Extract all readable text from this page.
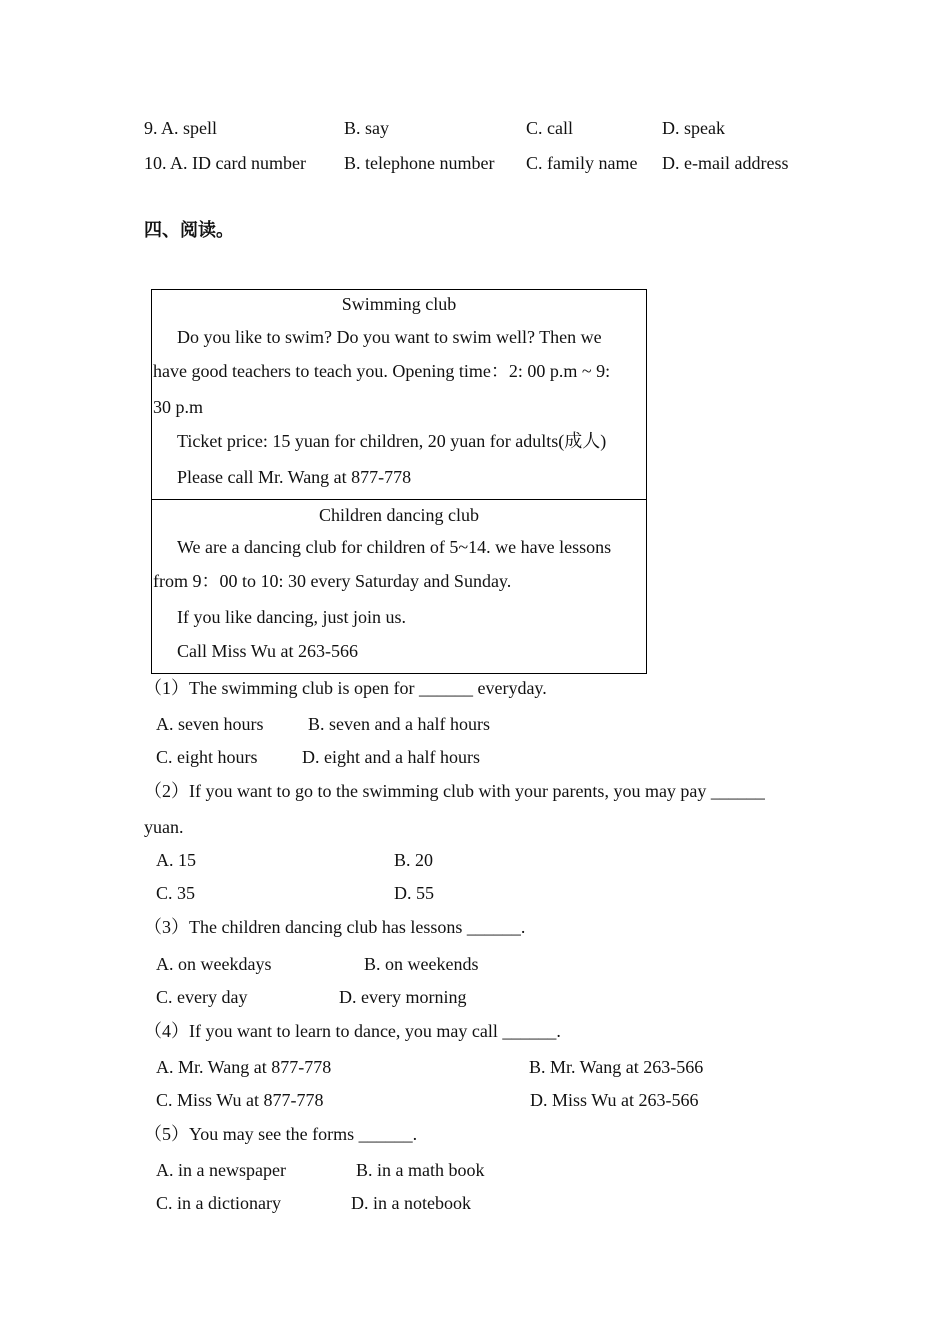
9. A. spell	B. say	C. call	D. speak
10. A. ID card number B. telephone number C. family name D. e-mail address
四、阅读。
Swimming club
Do you like to swim? Do you want to swim well? Then we
have good teachers to teach you. Opening time：2: 00 p.m ~ 9:
30 p.m
Ticket price: 15 yuan for children, 20 yuan for adults(成人)
Please call Mr. Wang at 877-778
Children dancing club
We are a dancing club for children of 5~14. we have lessons
from 9：00 to 10: 30 every Saturday and Sunday.
If you like dancing, just join us.
Call Miss Wu at 263-566
（1）The swimming club is open for ______ everyday.
A. seven hours B. seven and a half hours
C. eight hours D. eight and a half hours
（2）If you want to go to the swimming club with your parents, you may pay ______
yuan.
A. 15	B. 20
C. 35	D. 55
（3）The children dancing club has lessons ______.
A. on weekdays	B. on weekends
C. every day	D. every morning
（4）If you want to learn to dance, you may call ______.
A. Mr. Wang at 877-778	B. Mr. Wang at 263-566
C. Miss Wu at 877-778	D. Miss Wu at 263-566
（5）You may see the forms ______.
A. in a newspaper	B. in a math book
C. in a dictionary	D. in a notebook
